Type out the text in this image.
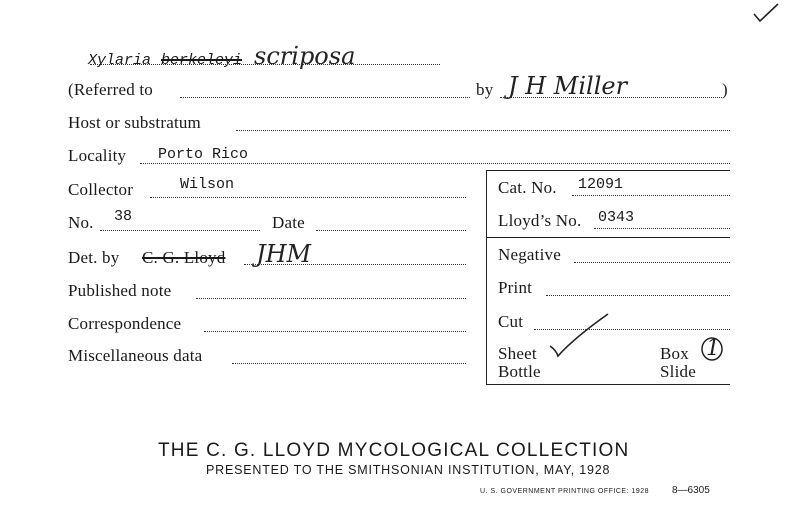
Xylaria berkeleyi scriposa
(Referred to	by J H Miller	)
Host or substratum
Locality Porto Rico
Collector	Wilson	Cat. No. 12091
No. 38	Date	Lloyd’s No. 0343
Det. by C. G. Lloyd JHM	Negative
Published note	Print
Correspondence	Cut
Miscellaneous data	Sheet	Box 1
Bottle	Slide
THE C. G. LLOYD MYCOLOGICAL COLLECTION
PRESENTED TO THE SMITHSONIAN INSTITUTION, MAY, 1928
U. S. GOVERNMENT PRINTING OFFICE: 1928 8—6305
